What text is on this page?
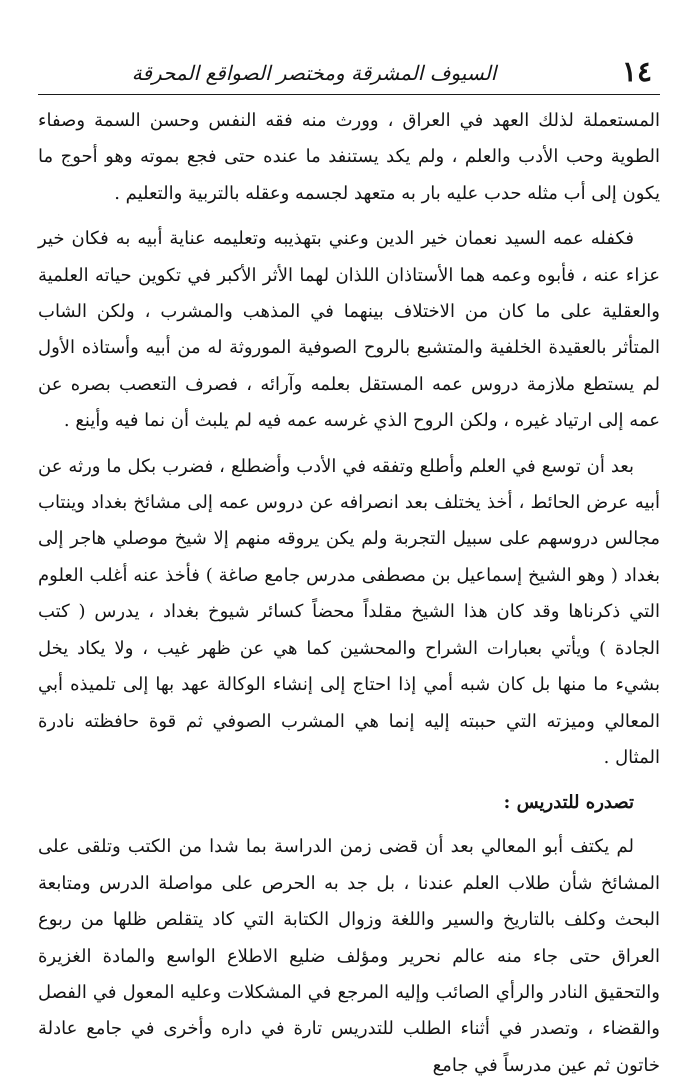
١٤
السيوف المشرقة ومختصر الصواقع المحرقة

المستعملة لذلك العهد في العراق ، وورث منه فقه النفس وحسن السمة وصفاء الطوية وحب الأدب والعلم ، ولم يكد يستنفد ما عنده حتى فجع بموته وهو أحوج ما يكون إلى أب مثله حدب عليه بار به متعهد لجسمه وعقله بالتربية والتعليم .

فكفله عمه السيد نعمان خير الدين وعني بتهذيبه وتعليمه عناية أبيه به فكان خير عزاء عنه ، فأبوه وعمه هما الأستاذان اللذان لهما الأثر الأكبر في تكوين حياته العلمية والعقلية على ما كان من الاختلاف بينهما في المذهب والمشرب ، ولكن الشاب المتأثر بالعقيدة الخلفية والمتشبع بالروح الصوفية الموروثة له من أبيه وأستاذه الأول لم يستطع ملازمة دروس عمه المستقل بعلمه وآرائه ، فصرف التعصب بصره عن عمه إلى ارتياد غيره ، ولكن الروح الذي غرسه عمه فيه لم يلبث أن نما فيه وأينع .

بعد أن توسع في العلم وأطلع وتفقه في الأدب وأضطلع ، فضرب بكل ما ورثه عن أبيه عرض الحائط ، أخذ يختلف بعد انصرافه عن دروس عمه إلى مشائخ بغداد وينتاب مجالس دروسهم على سبيل التجربة ولم يكن يروقه منهم إلا شيخ موصلي هاجر إلى بغداد ( وهو الشيخ إسماعيل بن مصطفى مدرس جامع صاغة ) فأخذ عنه أغلب العلوم التي ذكرناها وقد كان هذا الشيخ مقلداً محضاً كسائر شيوخ بغداد ، يدرس ( كتب الجادة ) ويأتي بعبارات الشراح والمحشين كما هي عن ظهر غيب ، ولا يكاد يخل بشيء ما منها بل كان شبه أمي إذا احتاج إلى إنشاء الوكالة عهد بها إلى تلميذه أبي المعالي وميزته التي حببته إليه إنما هي المشرب الصوفي ثم قوة حافظته نادرة المثال .

تصدره للتدريس :

لم يكتف أبو المعالي بعد أن قضى زمن الدراسة بما شدا من الكتب وتلقى على المشائخ شأن طلاب العلم عندنا ، بل جد به الحرص على مواصلة الدرس ومتابعة البحث وكلف بالتاريخ والسير واللغة وزوال الكتابة التي كاد يتقلص ظلها من ربوع العراق حتى جاء منه عالم نحرير ومؤلف ضليع الاطلاع الواسع والمادة الغزيرة والتحقيق النادر والرأي الصائب وإليه المرجع في المشكلات وعليه المعول في الفصل والقضاء ، وتصدر في أثناء الطلب للتدريس تارة في داره وأخرى في جامع عادلة خاتون ثم عين مدرساً في جامع
